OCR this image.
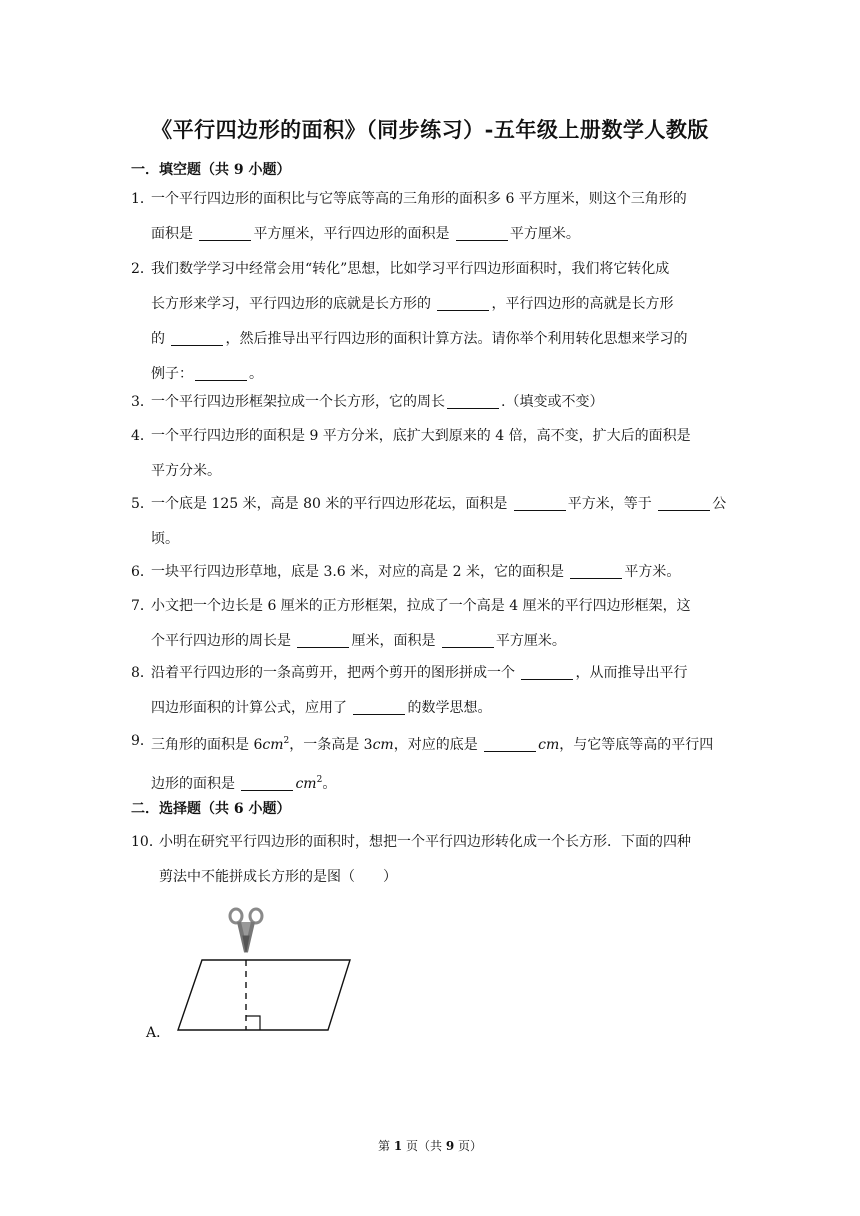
《平行四边形的面积》（同步练习）-五年级上册数学人教版
一．填空题（共 9 小题）
1．
一个平行四边形的面积比与它等底等高的三角形的面积多 6 平方厘米，则这个三角形的
面积是	平方厘米，平行四边形的面积是	平方厘米。
2．
我们数学学习中经常会用“转化”思想，比如学习平行四边形面积时，我们将它转化成
长方形来学习，平行四边形的底就是长方形的	，平行四边形的高就是长方形
的	，然后推导出平行四边形的面积计算方法。请你举个利用转化思想来学习的
例子：	。
3．
一个平行四边形框架拉成一个长方形，它的周长	.（填变或不变）
4．
一个平行四边形的面积是 9 平方分米，底扩大到原来的 4 倍，高不变，扩大后的面积是
平方分米。
5．
一个底是 125 米，高是 80 米的平行四边形花坛，面积是	平方米，等于	公
顷。
6．
一块平行四边形草地，底是 3.6 米，对应的高是 2 米，它的面积是	平方米。
7．
小文把一个边长是 6 厘米的正方形框架，拉成了一个高是 4 厘米的平行四边形框架，这
个平行四边形的周长是	厘米，面积是	平方厘米。
8．
沿着平行四边形的一条高剪开，把两个剪开的图形拼成一个	，从而推导出平行
四边形面积的计算公式，应用了	的数学思想。
9．
三角形的面积是 $6cm^2$，一条高是 3cm，对应的底是	cm，与它等底等高的平行四
边形的面积是	$cm^2$。
二．选择题（共 6 小题）
10．
小明在研究平行四边形的面积时，想把一个平行四边形转化成一个长方形．下面的四种
剪法中不能拼成长方形的是图（　　）
A．
第 1 页（共 9 页）
